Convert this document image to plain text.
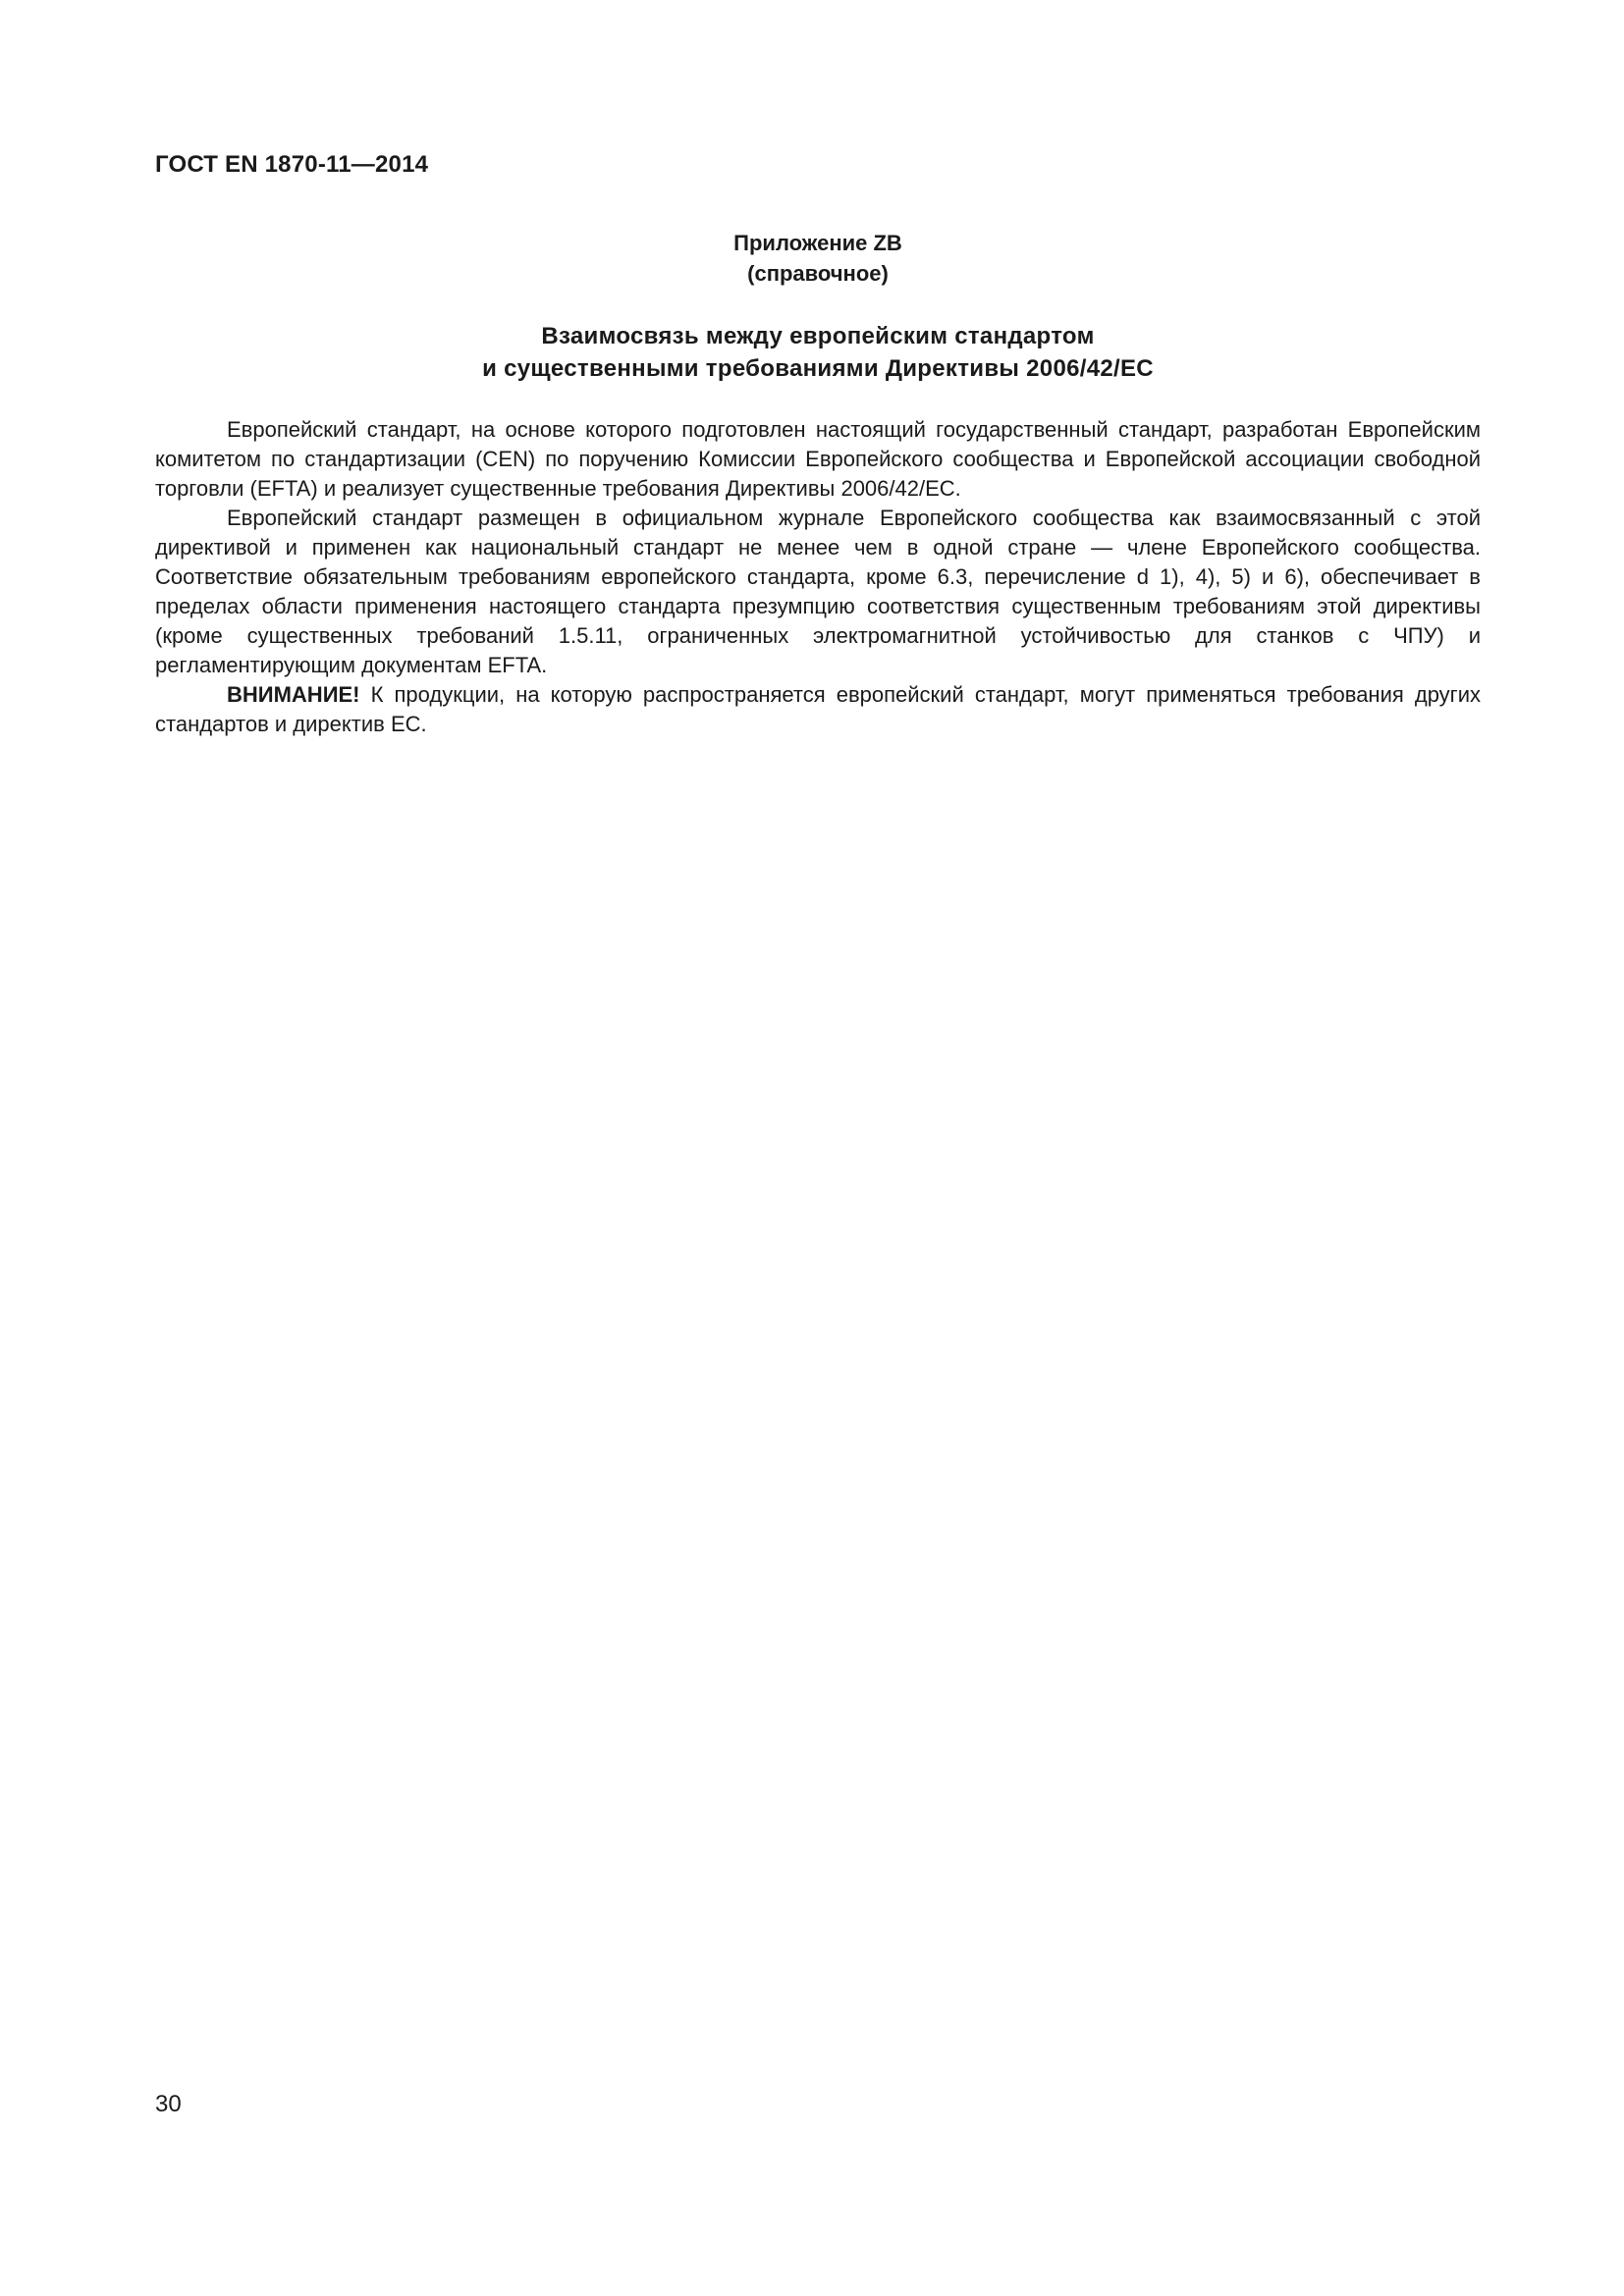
ГОСТ EN 1870-11—2014
Приложение ZB
(справочное)
Взаимосвязь между европейским стандартом
и существенными требованиями Директивы 2006/42/ЕС

Европейский стандарт, на основе которого подготовлен настоящий государственный стандарт, разработан Европейским комитетом по стандартизации (CEN) по поручению Комиссии Европейского сообщества и Европейской ассоциации свободной торговли (EFTA) и реализует существенные требования Директивы 2006/42/ЕС.

Европейский стандарт размещен в официальном журнале Европейского сообщества как взаимосвязанный с этой директивой и применен как национальный стандарт не менее чем в одной стране — члене Европейского сообщества. Соответствие обязательным требованиям европейского стандарта, кроме 6.3, перечисление d 1), 4), 5) и 6), обеспечивает в пределах области применения настоящего стандарта презумпцию соответствия существенным требованиям этой директивы (кроме существенных требований 1.5.11, ограниченных электромагнитной устойчивостью для станков с ЧПУ) и регламентирующим документам EFTA.

ВНИМАНИЕ! К продукции, на которую распространяется европейский стандарт, могут применяться требования других стандартов и директив ЕС.

30
